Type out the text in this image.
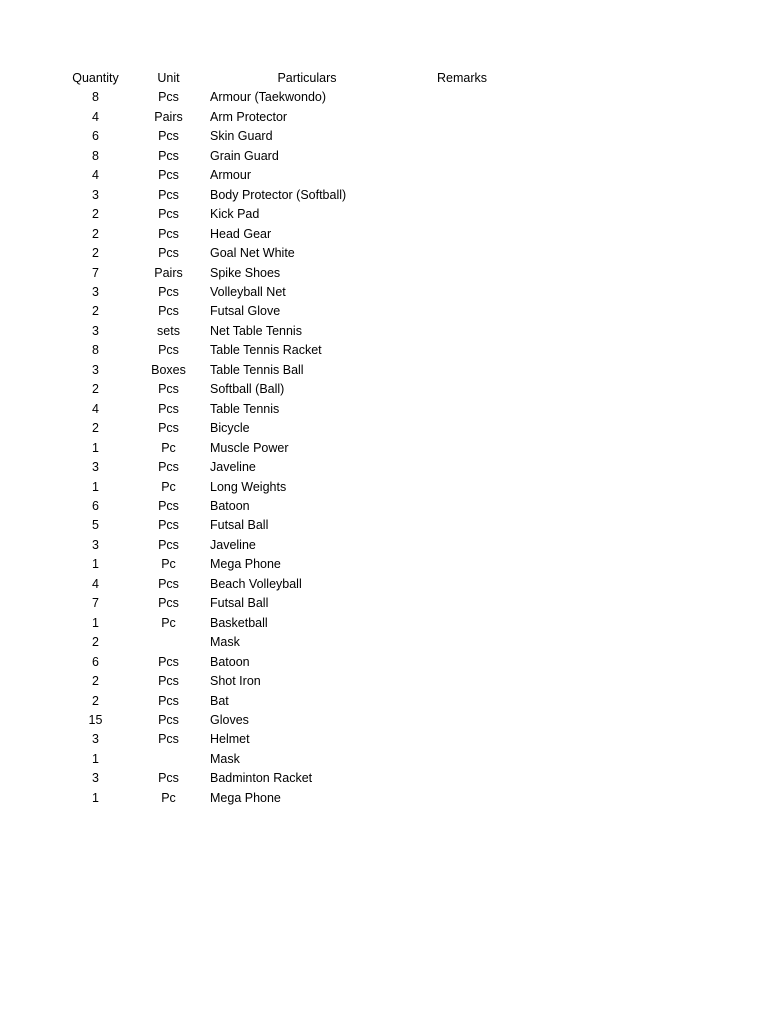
	Quantity	Unit	Particulars	Remarks	
	8	Pcs	Armour (Taekwondo)		
	4	Pairs	Arm Protector		
	6	Pcs	Skin Guard		
	8	Pcs	Grain Guard		
	4	Pcs	Armour		
	3	Pcs	Body Protector (Softball)		
	2	Pcs	Kick Pad		
	2	Pcs	Head Gear		
	2	Pcs	Goal Net White		
	7	Pairs	Spike Shoes		
	3	Pcs	Volleyball Net		
	2	Pcs	Futsal Glove		
	3	sets	Net Table Tennis		
	8	Pcs	Table Tennis Racket		
	3	Boxes	Table Tennis Ball		
	2	Pcs	Softball (Ball)		
	4	Pcs	Table Tennis		
	2	Pcs	Bicycle		
	1	Pc	Muscle Power		
	3	Pcs	Javeline		
	1	Pc	Long Weights		
	6	Pcs	Batoon		
	5	Pcs	Futsal Ball		
	3	Pcs	Javeline		
	1	Pc	Mega Phone		
	4	Pcs	Beach Volleyball		
	7	Pcs	Futsal Ball		
	1	Pc	Basketball		
	2		Mask		
	6	Pcs	Batoon		
	2	Pcs	Shot Iron		
	2	Pcs	Bat		
	15	Pcs	Gloves		
	3	Pcs	Helmet		
	1		Mask		
	3	Pcs	Badminton Racket		
	1	Pc	Mega Phone		
